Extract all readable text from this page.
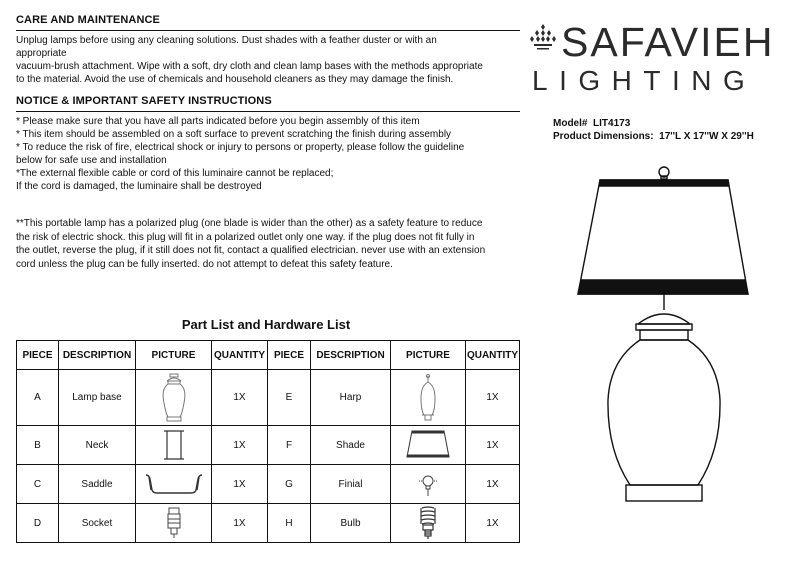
CARE AND MAINTENANCE
Unplug lamps before using any cleaning solutions. Dust shades with a feather duster or with an
appropriate
vacuum-brush attachment. Wipe with a soft, dry cloth and clean lamp bases with the methods appropriate
to the material. Avoid the use of chemicals and household cleaners as they may damage the finish.
NOTICE & IMPORTANT SAFETY INSTRUCTIONS
* Please make sure that you have all parts indicated before you begin assembly of this item
* This item should be assembled on a soft surface to prevent scratching the finish during assembly
* To reduce the risk of fire, electrical shock or injury to persons or property, please follow the guideline
below for safe use and installation
*The external flexible cable or cord of this luminaire cannot be replaced;
If the cord is damaged, the luminaire shall be destroyed
**This portable lamp has a polarized plug (one blade is wider than the other) as a safety feature to reduce
the risk of electric shock. this plug will fit in a polarized outlet only one way. if the plug does not fit fully in
the outlet, reverse the plug, if it still does not fit, contact a qualified electrician. never use with an extension
cord unless the plug can be fully inserted. do not attempt to defeat this safety feature.
Part List and Hardware List
PIECE	DESCRIPTION	PICTURE	QUANTITY	PIECE	DESCRIPTION	PICTURE	QUANTITY
A	Lamp base		1X	E	Harp		1X
B	Neck		1X	F	Shade		1X
C	Saddle		1X	G	Finial		1X
D	Socket		1X	H	Bulb		1X
SAFAVIEH
LIGHTING
Model# LIT4173
Product Dimensions: 17''L X 17''W X 29''H
